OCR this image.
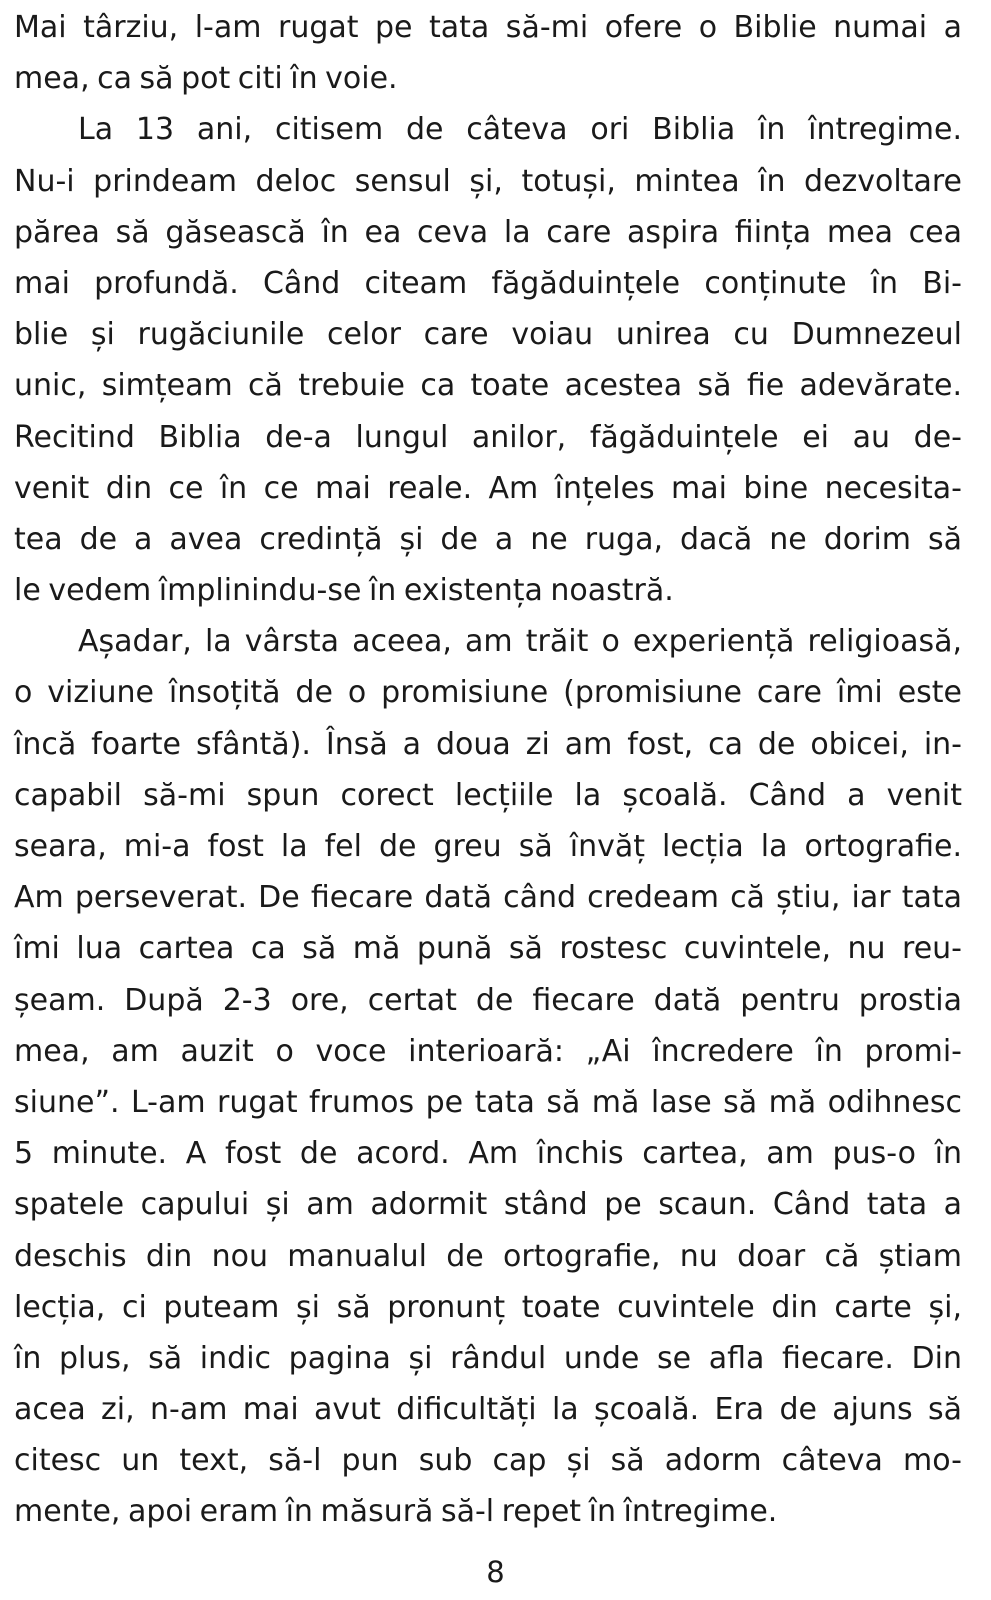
Mai târziu, l-am rugat pe tata să-mi ofere o Biblie numai a
mea, ca să pot citi în voie.
La 13 ani, citisem de câteva ori Biblia în întregime.
Nu-i prindeam deloc sensul și, totuși, mintea în dezvoltare
părea să găsească în ea ceva la care aspira ființa mea cea
mai profundă. Când citeam făgăduințele conținute în Bi-
blie și rugăciunile celor care voiau unirea cu Dumnezeul
unic, simțeam că trebuie ca toate acestea să fie adevărate.
Recitind Biblia de-a lungul anilor, făgăduințele ei au de-
venit din ce în ce mai reale. Am înțeles mai bine necesita-
tea de a avea credință și de a ne ruga, dacă ne dorim să
le vedem împlinindu-se în existența noastră.
Așadar, la vârsta aceea, am trăit o experiență religioasă,
o viziune însoțită de o promisiune (promisiune care îmi este
încă foarte sfântă). Însă a doua zi am fost, ca de obicei, in-
capabil să-mi spun corect lecțiile la școală. Când a venit
seara, mi-a fost la fel de greu să învăț lecția la ortografie.
Am perseverat. De fiecare dată când credeam că știu, iar tata
îmi lua cartea ca să mă pună să rostesc cuvintele, nu reu-
șeam. După 2-3 ore, certat de fiecare dată pentru prostia
mea, am auzit o voce interioară: „Ai încredere în promi-
siune”. L-am rugat frumos pe tata să mă lase să mă odihnesc
5 minute. A fost de acord. Am închis cartea, am pus-o în
spatele capului și am adormit stând pe scaun. Când tata a
deschis din nou manualul de ortografie, nu doar că știam
lecția, ci puteam și să pronunț toate cuvintele din carte și,
în plus, să indic pagina și rândul unde se afla fiecare. Din
acea zi, n-am mai avut dificultăți la școală. Era de ajuns să
citesc un text, să-l pun sub cap și să adorm câteva mo-
mente, apoi eram în măsură să-l repet în întregime.
8
